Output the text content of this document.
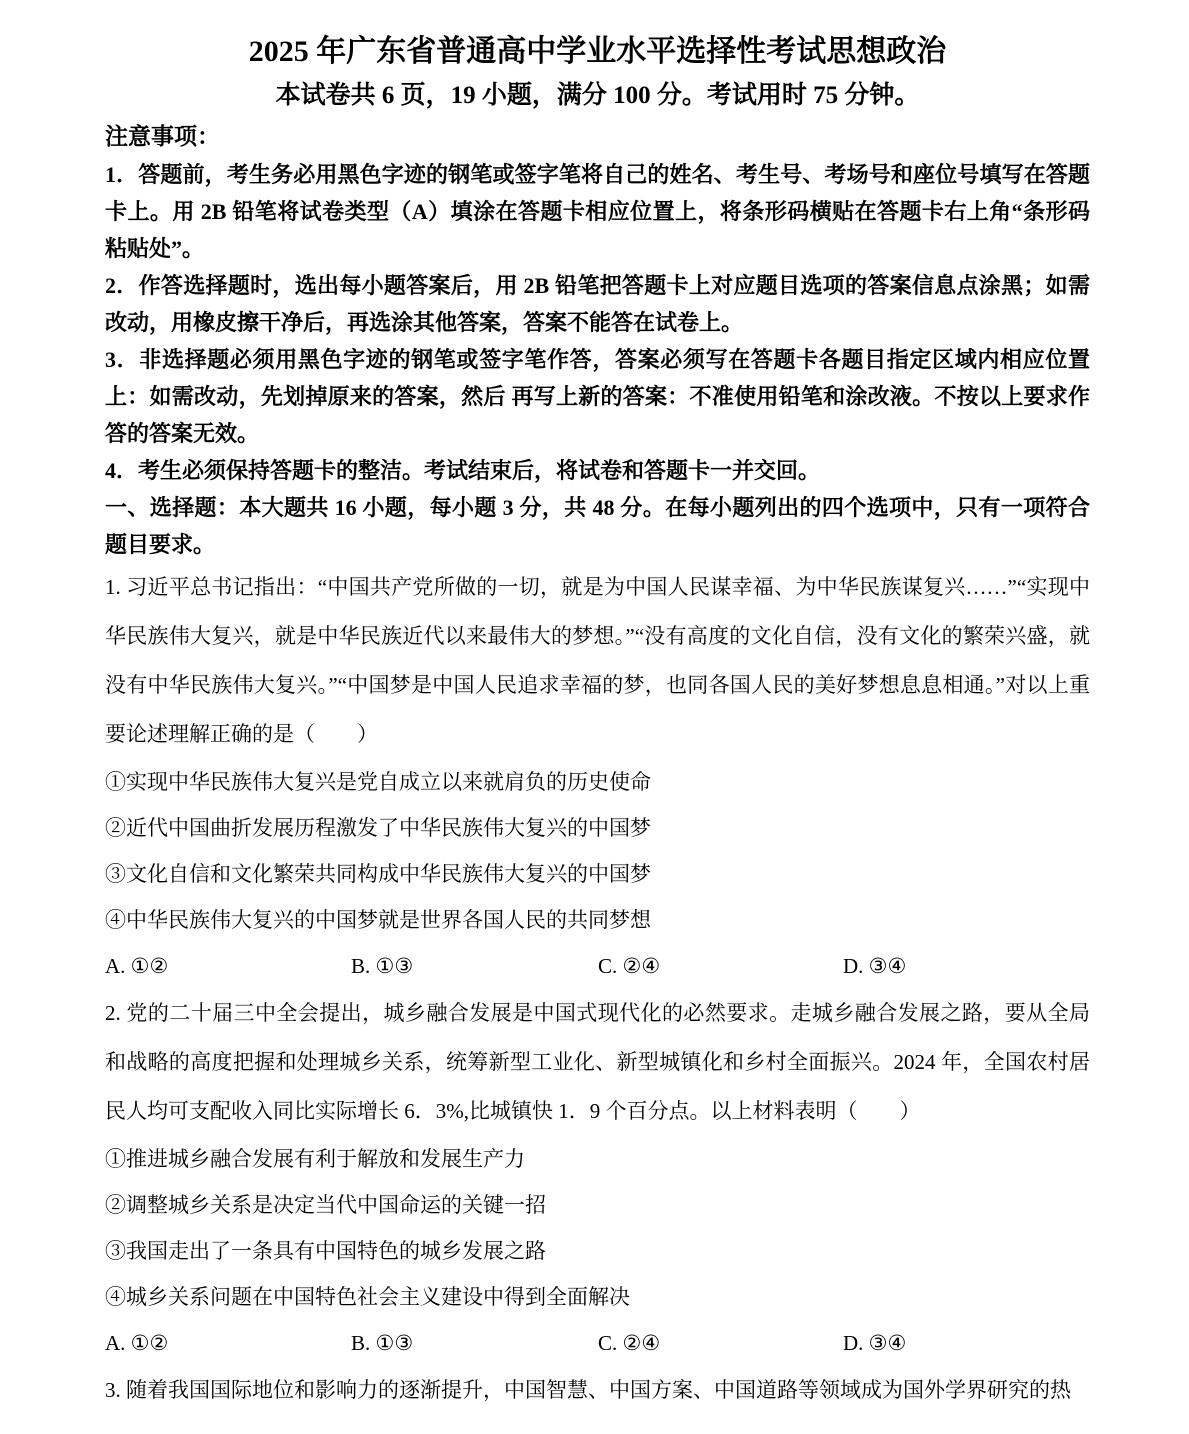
2025 年广东省普通高中学业水平选择性考试思想政治
本试卷共 6 页，19 小题，满分 100 分。考试用时 75 分钟。
注意事项：

1．答题前，考生务必用黑色字迹的钢笔或签字笔将自己的姓名、考生号、考场号和座位号填写在答题卡上。用 2B 铅笔将试卷类型（A）填涂在答题卡相应位置上，将条形码横贴在答题卡右上角“条形码粘贴处”。

2．作答选择题时，选出每小题答案后，用 2B 铅笔把答题卡上对应题目选项的答案信息点涂黑；如需改动，用橡皮擦干净后，再选涂其他答案，答案不能答在试卷上。

3．非选择题必须用黑色字迹的钢笔或签字笔作答，答案必须写在答题卡各题目指定区域内相应位置上：如需改动，先划掉原来的答案，然后 再写上新的答案：不准使用铅笔和涂改液。不按以上要求作答的答案无效。

4．考生必须保持答题卡的整洁。考试结束后，将试卷和答题卡一并交回。

一、选择题：本大题共 16 小题，每小题 3 分，共 48 分。在每小题列出的四个选项中，只有一项符合题目要求。

1. 习近平总书记指出：“中国共产党所做的一切，就是为中国人民谋幸福、为中华民族谋复兴……”“实现中华民族伟大复兴，就是中华民族近代以来最伟大的梦想。”“没有高度的文化自信，没有文化的繁荣兴盛，就没有中华民族伟大复兴。”“中国梦是中国人民追求幸福的梦，也同各国人民的美好梦想息息相通。”对以上重要论述理解正确的是（　　）

①实现中华民族伟大复兴是党自成立以来就肩负的历史使命
②近代中国曲折发展历程激发了中华民族伟大复兴的中国梦
③文化自信和文化繁荣共同构成中华民族伟大复兴的中国梦
④中华民族伟大复兴的中国梦就是世界各国人民的共同梦想
A. ①②	B. ①③	C. ②④	D. ③④

2. 党的二十届三中全会提出，城乡融合发展是中国式现代化的必然要求。走城乡融合发展之路，要从全局和战略的高度把握和处理城乡关系，统筹新型工业化、新型城镇化和乡村全面振兴。2024 年，全国农村居民人均可支配收入同比实际增长 6．3%,比城镇快 1．9 个百分点。以上材料表明（　　）

①推进城乡融合发展有利于解放和发展生产力
②调整城乡关系是决定当代中国命运的关键一招
③我国走出了一条具有中国特色的城乡发展之路
④城乡关系问题在中国特色社会主义建设中得到全面解决
A. ①②	B. ①③	C. ②④	D. ③④

3. 随着我国国际地位和影响力的逐渐提升，中国智慧、中国方案、中国道路等领域成为国外学界研究的热
